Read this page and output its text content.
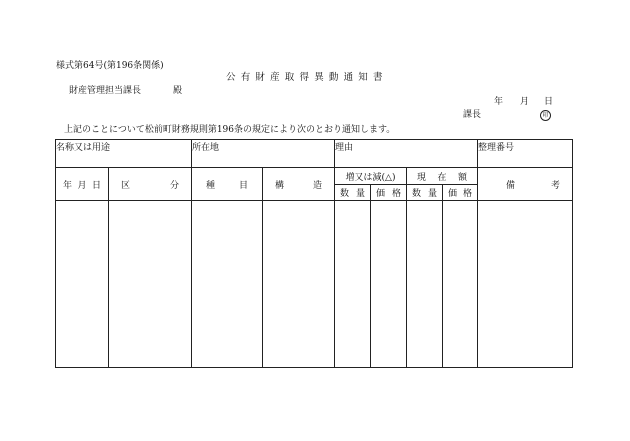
様式第64号(第196条関係)
公有財産取得異動通知書
財産管理担当課長	殿
年 月 日
課長	印
上記のことについて松前町財務規則第196条の規定により次のとおり通知します。
名称又は用途		所在地		理由				整理番号

年 月 日	区 分	種 目	構 造	増又は減(△)		現 在 額		備 考

				数 量	価 格	数 量	価 格	
